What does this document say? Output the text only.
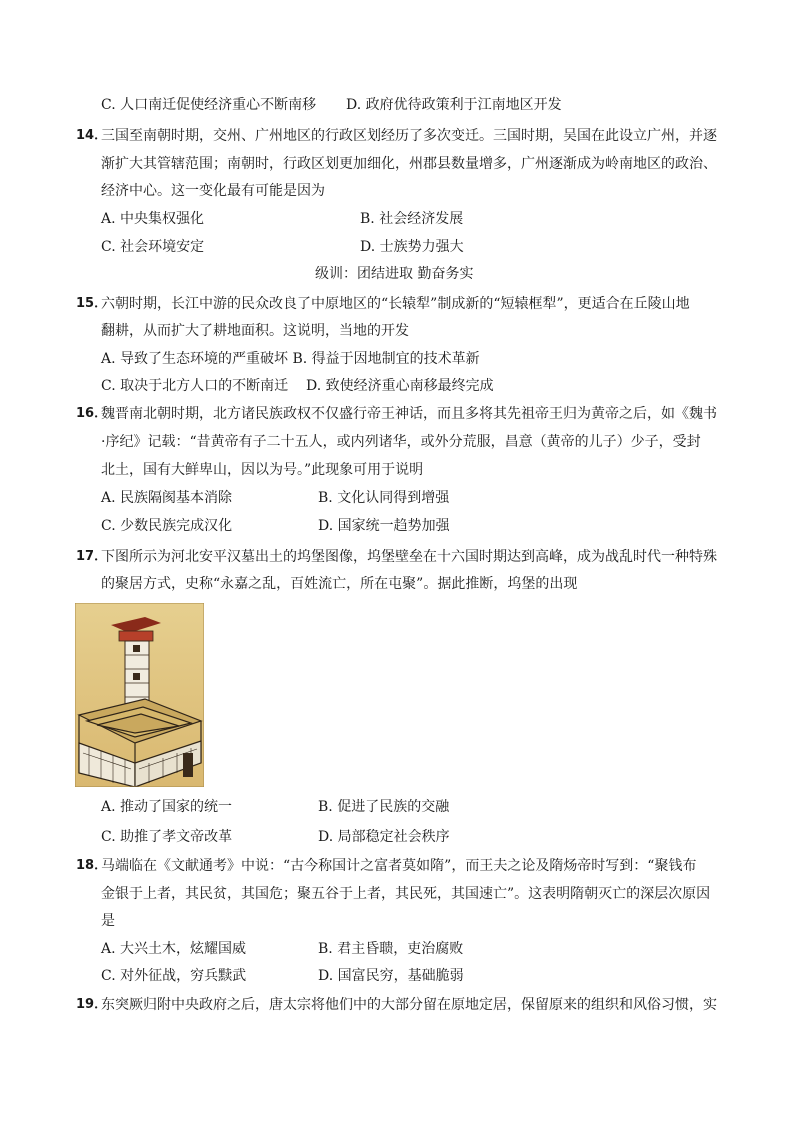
C. 人口南迁促使经济重心不断南移 D. 政府优待政策利于江南地区开发
14．
三国至南朝时期，交州、广州地区的行政区划经历了多次变迁。三国时期，吴国在此设立广州，并逐
渐扩大其管辖范围；南朝时，行政区划更加细化，州郡县数量增多，广州逐渐成为岭南地区的政治、
经济中心。这一变化最有可能是因为
A. 中央集权强化	B. 社会经济发展
C. 社会环境安定	D. 士族势力强大
级训：团结进取 勤奋务实
15．
六朝时期，长江中游的民众改良了中原地区的“长辕犁”制成新的“短辕框犁”，更适合在丘陵山地
翻耕，从而扩大了耕地面积。这说明，当地的开发
A. 导致了生态环境的严重破坏 B. 得益于因地制宜的技术革新
C. 取决于北方人口的不断南迁 D. 致使经济重心南移最终完成
16．
魏晋南北朝时期，北方诸民族政权不仅盛行帝王神话，而且多将其先祖帝王归为黄帝之后，如《魏书
·序纪》记载：“昔黄帝有子二十五人，或内列诸华，或外分荒服，昌意（黄帝的儿子）少子，受封
北土，国有大鲜卑山，因以为号。”此现象可用于说明
A. 民族隔阂基本消除	B. 文化认同得到增强
C. 少数民族完成汉化	D. 国家统一趋势加强
17．
下图所示为河北安平汉墓出土的坞堡图像，坞堡壁垒在十六国时期达到高峰，成为战乱时代一种特殊
的聚居方式，史称“永嘉之乱，百姓流亡，所在屯聚”。据此推断，坞堡的出现
A. 推动了国家的统一	B. 促进了民族的交融
C. 助推了孝文帝改革	D. 局部稳定社会秩序
18．
马端临在《文献通考》中说：“古今称国计之富者莫如隋”，而王夫之论及隋炀帝时写到：“聚钱布
金银于上者，其民贫，其国危；聚五谷于上者，其民死，其国速亡”。这表明隋朝灭亡的深层次原因
是
A. 大兴土木，炫耀国威	B. 君主昏聩，吏治腐败
C. 对外征战，穷兵黩武	D. 国富民穷，基础脆弱
19．
东突厥归附中央政府之后，唐太宗将他们中的大部分留在原地定居，保留原来的组织和风俗习惯，实
